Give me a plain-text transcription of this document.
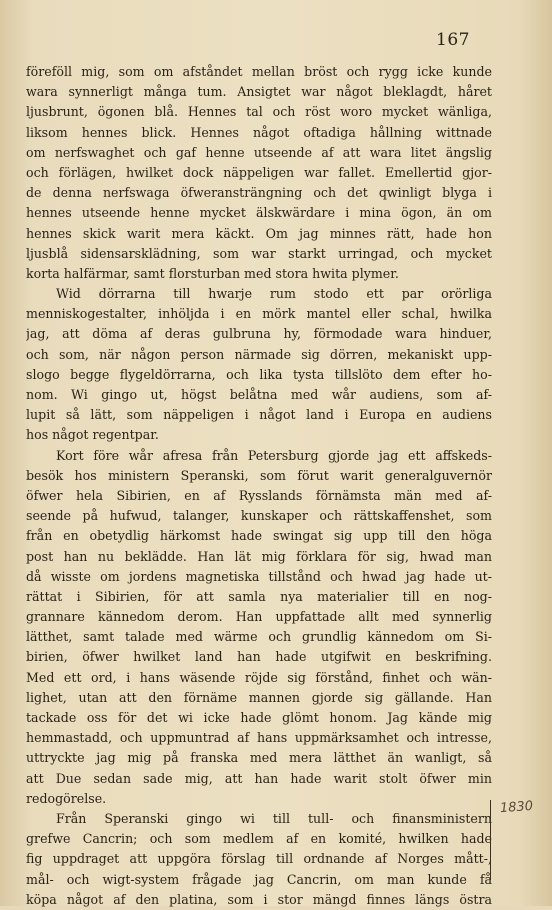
167
föreföll mig, som om afståndet mellan bröst och rygg icke kunde
wara synnerligt många tum. Ansigtet war något bleklagdt, håret
ljusbrunt, ögonen blå. Hennes tal och röst woro mycket wänliga,
liksom hennes blick. Hennes något oftadiga hållning wittnade
om nerfswaghet och gaf henne utseende af att wara litet ängslig
och förlägen, hwilket dock näppeligen war fallet. Emellertid gjor-
de denna nerfswaga öfweransträngning och det qwinligt blyga i
hennes utseende henne mycket älskwärdare i mina ögon, än om
hennes skick warit mera käckt. Om jag minnes rätt, hade hon
ljusblå sidensarsklädning, som war starkt urringad, och mycket
korta halfärmar, samt florsturban med stora hwita plymer.
Wid dörrarna till hwarje rum stodo ett par orörliga
menniskogestalter, inhöljda i en mörk mantel eller schal, hwilka
jag, att döma af deras gulbruna hy, förmodade wara hinduer,
och som, när någon person närmade sig dörren, mekaniskt upp-
slogo begge flygeldörrarna, och lika tysta tillslöto dem efter ho-
nom. Wi gingo ut, högst belåtna med wår audiens, som af-
lupit så lätt, som näppeligen i något land i Europa en audiens
hos något regentpar.
Kort före wår afresa från Petersburg gjorde jag ett affskeds-
besök hos ministern Speranski, som förut warit generalguvernör
öfwer hela Sibirien, en af Rysslands förnämsta män med af-
seende på hufwud, talanger, kunskaper och rättskaffenshet, som
från en obetydlig härkomst hade swingat sig upp till den höga
post han nu beklädde. Han lät mig förklara för sig, hwad man
då wisste om jordens magnetiska tillstånd och hwad jag hade ut-
rättat i Sibirien, för att samla nya materialier till en nog-
grannare kännedom derom. Han uppfattade allt med synnerlig
lätthet, samt talade med wärme och grundlig kännedom om Si-
birien, öfwer hwilket land han hade utgifwit en beskrifning.
Med ett ord, i hans wäsende röjde sig förstånd, finhet och wän-
lighet, utan att den förnäme mannen gjorde sig gällande. Han
tackade oss för det wi icke hade glömt honom. Jag kände mig
hemmastadd, och uppmuntrad af hans uppmärksamhet och intresse,
uttryckte jag mig på franska med mera lätthet än wanligt, så
att Due sedan sade mig, att han hade warit stolt öfwer min
redogörelse.
Från Speranski gingo wi till tull- och finansministern
grefwe Cancrin; och som medlem af en komité, hwilken hade
fig uppdraget att uppgöra förslag till ordnande af Norges mått-,
mål- och wigt-system frågade jag Cancrin, om man kunde få
köpa något af den platina, som i stor mängd finnes längs östra
1830
